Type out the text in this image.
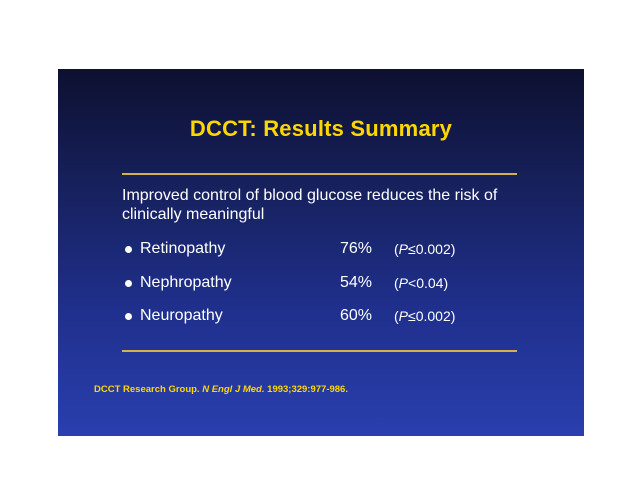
DCCT: Results Summary
Improved control of blood glucose reduces the risk of clinically meaningful
Retinopathy	76% (P≤0.002)
Nephropathy	54% (P<0.04)
Neuropathy	60% (P≤0.002)
DCCT Research Group. N Engl J Med. 1993;329:977-986.
